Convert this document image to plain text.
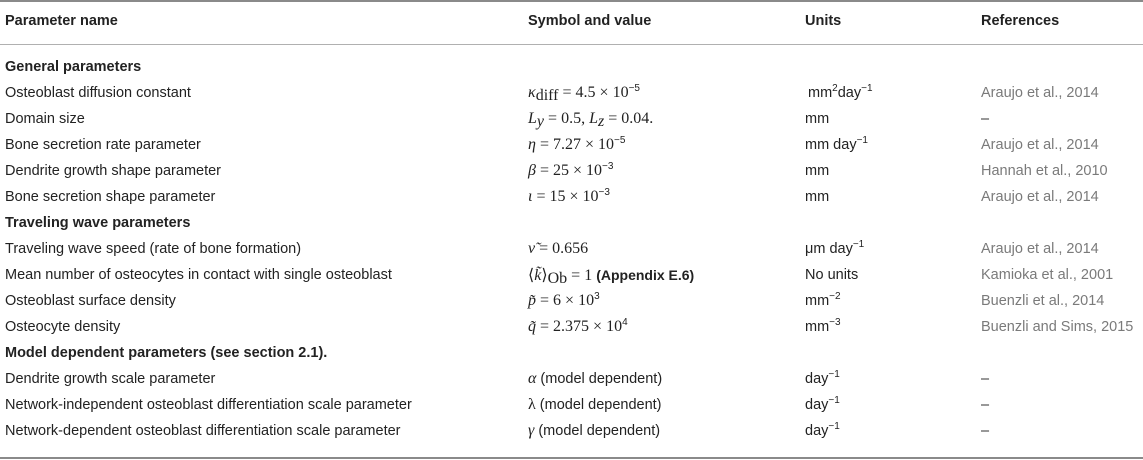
Parameter name	Symbol and value	Units	References
General parameters
Osteoblast diffusion constant	$\kappa_{diff} = 4.5 \times 10^{-5}$	$mm^2day^{-1}$	Araujo et al., 2014
Domain size	$L_y = 0.5$, $L_z = 0.04$.	mm	–
Bone secretion rate parameter	$\eta = 7.27 \times 10^{-5}$	mm day$^{-1}$	Araujo et al., 2014
Dendrite growth shape parameter	$\beta = 25 \times 10^{-3}$	mm	Hannah et al., 2010
Bone secretion shape parameter	$\iota = 15 \times 10^{-3}$	mm	Araujo et al., 2014
Traveling wave parameters
Traveling wave speed (rate of bone formation)	ν̃ = 0.656	μm day$^{-1}$	Araujo et al., 2014
Mean number of osteocytes in contact with single osteoblast	$⟨k̃⟩_{Ob} = 1$ (Appendix E.6)	No units	Kamioka et al., 2001
Osteoblast surface density	p̃ = $6 \times 10^3$	$mm^{-2}$	Buenzli et al., 2014
Osteocyte density	q̃ = $2.375 \times 10^4$	$mm^{-3}$	Buenzli and Sims, 2015
Model dependent parameters (see section 2.1).
Dendrite growth scale parameter	α (model dependent)	day$^{-1}$	–
Network-independent osteoblast differentiation scale parameter	λ (model dependent)	day$^{-1}$	–
Network-dependent osteoblast differentiation scale parameter	γ (model dependent)	day$^{-1}$	–
